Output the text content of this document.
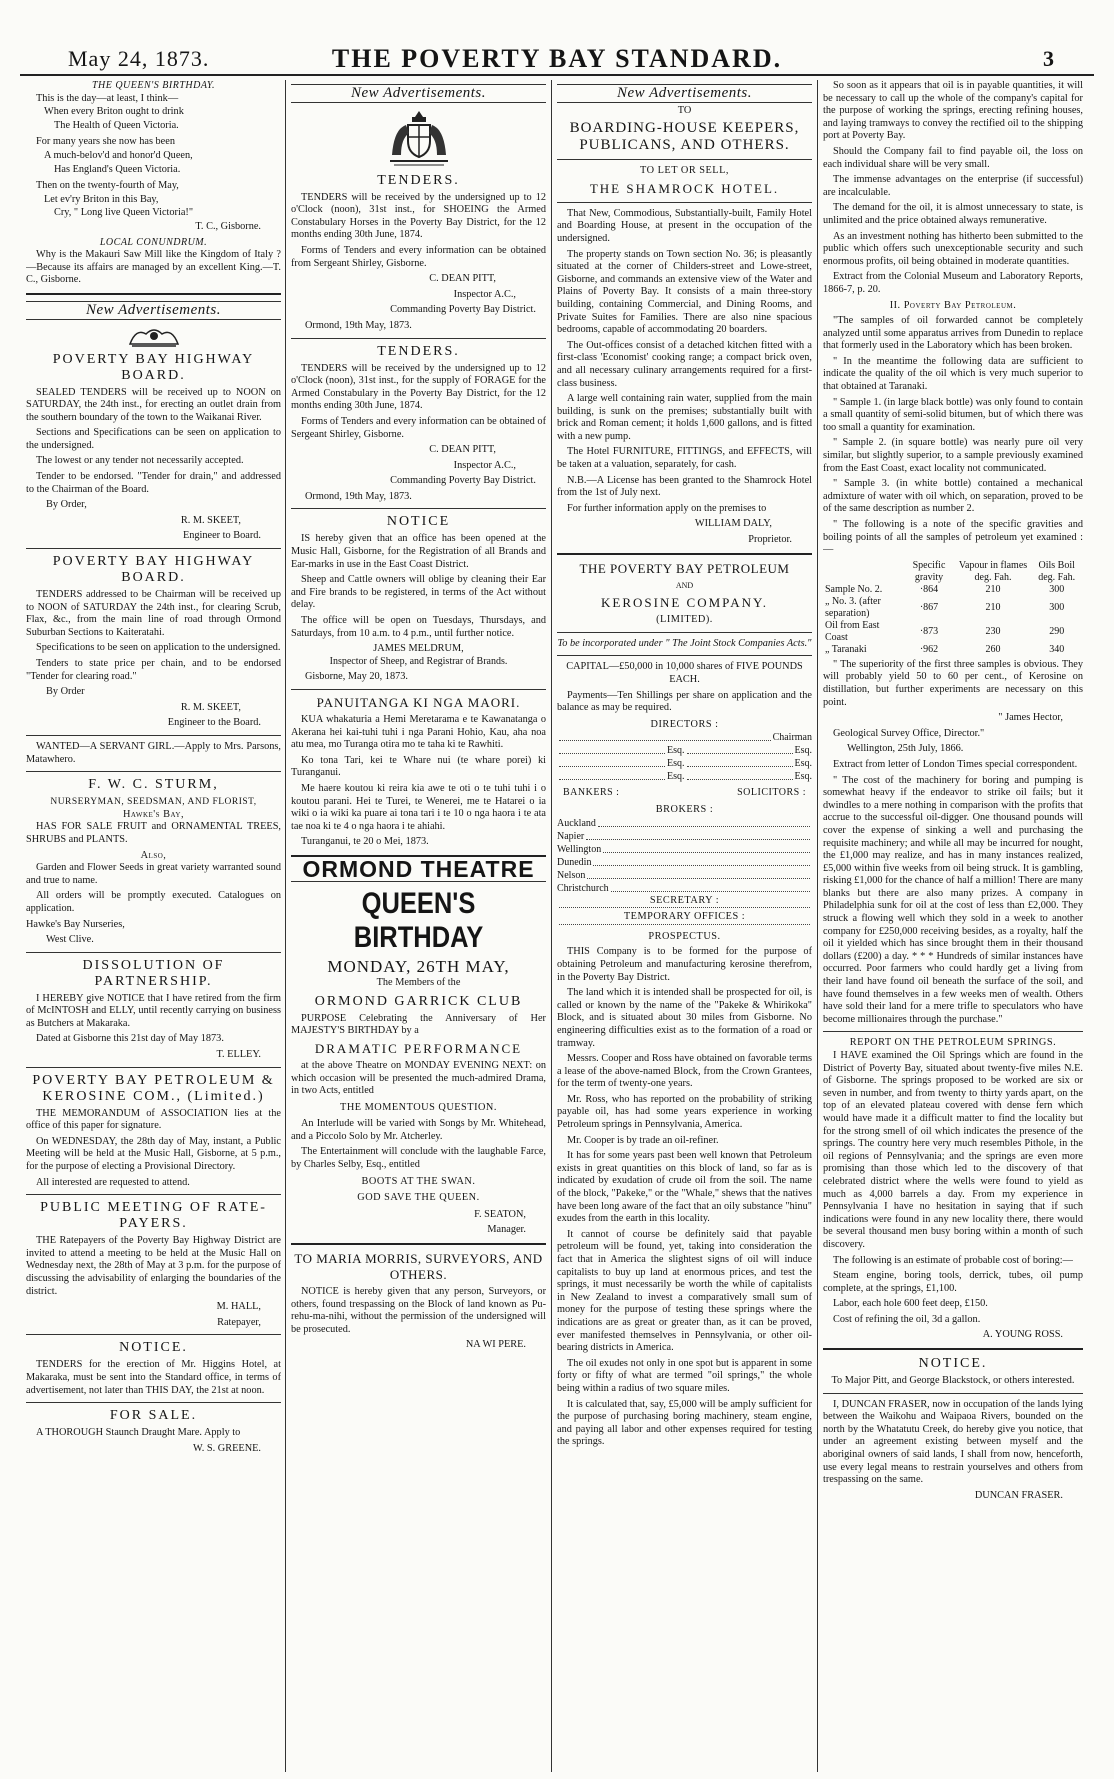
May 24, 1873.	THE POVERTY BAY STANDARD.	3
THE QUEEN'S BIRTHDAY.

This is the day—at least, I think—

When every Briton ought to drink

The Health of Queen Victoria.

For many years she now has been

A much-belov'd and honor'd Queen,

Has England's Queen Victoria.

Then on the twenty-fourth of May,

Let ev'ry Briton in this Bay,

Cry, " Long live Queen Victoria!"

T. C., Gisborne.
LOCAL CONUNDRUM.

Why is the Makauri Saw Mill like the Kingdom of Italy ?—Because its affairs are managed by an excellent King.—T. C., Gisborne.

New Advertisements.
POVERTY BAY HIGHWAY BOARD.

SEALED TENDERS will be received up to NOON on SATURDAY, the 24th inst., for erecting an outlet drain from the southern boundary of the town to the Waikanai River.

Sections and Specifications can be seen on application to the undersigned.

The lowest or any tender not necessarily accepted.

Tender to be endorsed. "Tender for drain," and addressed to the Chairman of the Board.

By Order,

R. M. SKEET,
Engineer to Board.
POVERTY BAY HIGHWAY BOARD.

TENDERS addressed to be Chairman will be received up to NOON of SATURDAY the 24th inst., for clearing Scrub, Flax, &c., from the main line of road through Ormond Suburban Sections to Kaiteratahi.

Specifications to be seen on application to the undersigned.

Tenders to state price per chain, and to be endorsed "Tender for clearing road."

By Order

R. M. SKEET,
Engineer to the Board.

WANTED—A SERVANT GIRL.—Apply to Mrs. Parsons, Matawhero.

F. W. C. STURM,
NURSERYMAN, SEEDSMAN, AND FLORIST,
Hawke's Bay,

HAS FOR SALE FRUIT and ORNAMENTAL TREES, SHRUBS and PLANTS.

Also,

Garden and Flower Seeds in great variety warranted sound and true to name.

All orders will be promptly executed. Catalogues on application.

Hawke's Bay Nurseries,

West Clive.

DISSOLUTION OF PARTNERSHIP.

I HEREBY give NOTICE that I have retired from the firm of McINTOSH and ELLY, until recently carrying on business as Butchers at Makaraka.

Dated at Gisborne this 21st day of May 1873.

T. ELLEY.
POVERTY BAY PETROLEUM & KEROSINE COM., (Limited.)

THE MEMORANDUM of ASSOCIATION lies at the office of this paper for signature.

On WEDNESDAY, the 28th day of May, instant, a Public Meeting will be held at the Music Hall, Gisborne, at 5 p.m., for the purpose of electing a Provisional Directory.

All interested are requested to attend.

PUBLIC MEETING OF RATE-PAYERS.

THE Ratepayers of the Poverty Bay Highway District are invited to attend a meeting to be held at the Music Hall on Wednesday next, the 28th of May at 3 p.m. for the purpose of discussing the advisability of enlarging the boundaries of the district.

M. HALL,
Ratepayer,
NOTICE.

TENDERS for the erection of Mr. Higgins Hotel, at Makaraka, must be sent into the Standard office, in terms of advertisement, not later than THIS DAY, the 21st at noon.

FOR SALE.

A THOROUGH Staunch Draught Mare. Apply to

W. S. GREENE.
New Advertisements.
TENDERS.

TENDERS will be received by the undersigned up to 12 o'Clock (noon), 31st inst., for SHOEING the Armed Constabulary Horses in the Poverty Bay District, for the 12 months ending 30th June, 1874.

Forms of Tenders and every information can be obtained from Sergeant Shirley, Gisborne.

C. DEAN PITT,
Inspector A.C.,
Commanding Poverty Bay District.

Ormond, 19th May, 1873.

TENDERS.

TENDERS will be received by the undersigned up to 12 o'Clock (noon), 31st inst., for the supply of FORAGE for the Armed Constabulary in the Poverty Bay District, for the 12 months ending 30th June, 1874.

Forms of Tenders and every information can be obtained of Sergeant Shirley, Gisborne.

C. DEAN PITT,
Inspector A.C.,
Commanding Poverty Bay District.

Ormond, 19th May, 1873.

NOTICE

IS hereby given that an office has been opened at the Music Hall, Gisborne, for the Registration of all Brands and Ear-marks in use in the East Coast District.

Sheep and Cattle owners will oblige by cleaning their Ear and Fire brands to be registered, in terms of the Act without delay.

The office will be open on Tuesdays, Thursdays, and Saturdays, from 10 a.m. to 4 p.m., until further notice.

JAMES MELDRUM,

Inspector of Sheep, and Registrar of Brands.

Gisborne, May 20, 1873.

PANUITANGA KI NGA MAORI.

KUA whakaturia a Hemi Meretarama e te Kawanatanga o Akerana hei kai-tuhi tuhi i nga Parani Hohio, Kau, aha noa atu mea, mo Turanga otira mo te taha ki te Rawhiti.

Ko tona Tari, kei te Whare nui (te whare porei) ki Turanganui.

Me haere koutou ki reira kia awe te oti o te tuhi tuhi i o koutou parani. Hei te Turei, te Wenerei, me te Hatarei o ia wiki o ia wiki ka puare ai tona tari i te 10 o nga haora i te ata tae noa ki te 4 o nga haora i te ahiahi.

Turanganui, te 20 o Mei, 1873.

ORMOND THEATRE
QUEEN'S BIRTHDAY
MONDAY, 26TH MAY,
The Members of the
ORMOND GARRICK CLUB

PURPOSE Celebrating the Anniversary of Her MAJESTY'S BIRTHDAY by a

DRAMATIC PERFORMANCE

at the above Theatre on MONDAY EVENING NEXT: on which occasion will be presented the much-admired Drama, in two Acts, entitled

THE MOMENTOUS QUESTION.

An Interlude will be varied with Songs by Mr. Whitehead, and a Piccolo Solo by Mr. Atcherley.

The Entertainment will conclude with the laughable Farce, by Charles Selby, Esq., entitled

BOOTS AT THE SWAN.
GOD SAVE THE QUEEN.
F. SEATON,
Manager.
TO MARIA MORRIS, SURVEYORS, AND OTHERS.

NOTICE is hereby given that any person, Surveyors, or others, found trespassing on the Block of land known as Pu-rehu-ma-nihi, without the permission of the undersigned will be prosecuted.

NA WI PERE.
New Advertisements.
TO
BOARDING-HOUSE KEEPERS, PUBLICANS, AND OTHERS.
TO LET OR SELL,
THE SHAMROCK HOTEL.

That New, Commodious, Substantially-built, Family Hotel and Boarding House, at present in the occupation of the undersigned.

The property stands on Town section No. 36; is pleasantly situated at the corner of Childers-street and Lowe-street, Gisborne, and commands an extensive view of the Water and Plains of Poverty Bay. It consists of a main three-story building, containing Commercial, and Dining Rooms, and Private Suites for Families. There are also nine spacious bedrooms, capable of accommodating 20 boarders.

The Out-offices consist of a detached kitchen fitted with a first-class 'Economist' cooking range; a compact brick oven, and all necessary culinary arrangements required for a first-class business.

A large well containing rain water, supplied from the main building, is sunk on the premises; substantially built with brick and Roman cement; it holds 1,600 gallons, and is fitted with a new pump.

The Hotel FURNITURE, FITTINGS, and EFFECTS, will be taken at a valuation, separately, for cash.

N.B.—A License has been granted to the Shamrock Hotel from the 1st of July next.

For further information apply on the premises to

WILLIAM DALY,
Proprietor.
THE POVERTY BAY PETROLEUM
AND
KEROSINE COMPANY.
(LIMITED).

To be incorporated under " The Joint Stock Companies Acts."

CAPITAL—£50,000 in 10,000 shares of FIVE POUNDS EACH.

Payments—Ten Shillings per share on application and the balance as may be required.

DIRECTORS :
Chairman
Esq.	Esq.
Esq.	Esq.
Esq.	Esq.
BANKERS :	SOLICITORS :
BROKERS :
Auckland
Napier
Wellington
Dunedin
Nelson
Christchurch
SECRETARY :
TEMPORARY OFFICES :
PROSPECTUS.

THIS Company is to be formed for the purpose of obtaining Petroleum and manufacturing kerosine therefrom, in the Poverty Bay District.

The land which it is intended shall be prospected for oil, is called or known by the name of the "Pakeke & Whirikoka" Block, and is situated about 30 miles from Gisborne. No engineering difficulties exist as to the formation of a road or tramway.

Messrs. Cooper and Ross have obtained on favorable terms a lease of the above-named Block, from the Crown Grantees, for the term of twenty-one years.

Mr. Ross, who has reported on the probability of striking payable oil, has had some years experience in working Petroleum springs in Pennsylvania, America.

Mr. Cooper is by trade an oil-refiner.

It has for some years past been well known that Petroleum exists in great quantities on this block of land, so far as is indicated by exudation of crude oil from the soil. The name of the block, "Pakeke," or the "Whale," shews that the natives have been long aware of the fact that an oily substance "hinu" exudes from the earth in this locality.

It cannot of course be definitely said that payable petroleum will be found, yet, taking into consideration the fact that in America the slightest signs of oil will induce capitalists to buy up land at enormous prices, and test the springs, it must necessarily be worth the while of capitalists in New Zealand to invest a comparatively small sum of money for the purpose of testing these springs where the indications are as great or greater than, as it can be proved, ever manifested themselves in Pennsylvania, or other oil-bearing districts in America.

The oil exudes not only in one spot but is apparent in some forty or fifty of what are termed "oil springs," the whole being within a radius of two square miles.

It is calculated that, say, £5,000 will be amply sufficient for the purpose of purchasing boring machinery, steam engine, and paying all labor and other expenses required for testing the springs.

So soon as it appears that oil is in payable quantities, it will be necessary to call up the whole of the company's capital for the purpose of working the springs, erecting refining houses, and laying tramways to convey the rectified oil to the shipping port at Poverty Bay.

Should the Company fail to find payable oil, the loss on each individual share will be very small.

The immense advantages on the enterprise (if successful) are incalculable.

The demand for the oil, it is almost unnecessary to state, is unlimited and the price obtained always remunerative.

As an investment nothing has hitherto been submitted to the public which offers such unexceptionable security and such enormous profits, oil being obtained in moderate quantities.

Extract from the Colonial Museum and Laboratory Reports, 1866-7, p. 20.

II. Poverty Bay Petroleum.

"The samples of oil forwarded cannot be completely analyzed until some apparatus arrives from Dunedin to replace that formerly used in the Laboratory which has been broken.

" In the meantime the following data are sufficient to indicate the quality of the oil which is very much superior to that obtained at Taranaki.

" Sample 1. (in large black bottle) was only found to contain a small quantity of semi-solid bitumen, but of which there was too small a quantity for examination.

" Sample 2. (in square bottle) was nearly pure oil very similar, but slightly superior, to a sample previously examined from the East Coast, exact locality not communicated.

" Sample 3. (in white bottle) contained a mechanical admixture of water with oil which, on separation, proved to be of the same description as number 2.

" The following is a note of the specific gravities and boiling points of all the samples of petroleum yet examined :—

	Specific gravity	Vapour in flames deg. Fah.	Oils Boil deg. Fah.
Sample No. 2.	·864	210	300
„ No. 3. (after separation)	·867	210	300
Oil from East Coast	·873	230	290
„ Taranaki	·962	260	340

" The superiority of the first three samples is obvious. They will probably yield 50 to 60 per cent., of Kerosine on distillation, but further experiments are necessary on this point.

" James Hector,

Geological Survey Office, Director."

Wellington, 25th July, 1866.

Extract from letter of London Times special correspondent.

" The cost of the machinery for boring and pumping is somewhat heavy if the endeavor to strike oil fails; but it dwindles to a mere nothing in comparison with the profits that accrue to the successful oil-digger. One thousand pounds will cover the expense of sinking a well and purchasing the requisite machinery; and while all may be incurred for nought, the £1,000 may realize, and has in many instances realized, £5,000 within five weeks from oil being struck. It is gambling, risking £1,000 for the chance of half a million! There are many blanks but there are also many prizes. A company in Philadelphia sunk for oil at the cost of less than £2,000. They struck a flowing well which they sold in a week to another company for £250,000 receiving besides, as a royalty, half the oil it yielded which has since brought them in their thousand dollars (£200) a day. * * * Hundreds of similar instances have occurred. Poor farmers who could hardly get a living from their land have found oil beneath the surface of the soil, and have found themselves in a few weeks men of wealth. Others have sold their land for a mere trifle to speculators who have become millionaires through the purchase."

REPORT ON THE PETROLEUM SPRINGS.

I HAVE examined the Oil Springs which are found in the District of Poverty Bay, situated about twenty-five miles N.E. of Gisborne. The springs proposed to be worked are six or seven in number, and from twenty to thirty yards apart, on the top of an elevated plateau covered with dense fern which would have made it a difficult matter to find the locality but for the strong smell of oil which indicates the presence of the springs. The country here very much resembles Pithole, in the oil regions of Pennsylvania; and the springs are even more promising than those which led to the discovery of that celebrated district where the wells were found to yield as much as 4,000 barrels a day. From my experience in Pennsylvania I have no hesitation in saying that if such indications were found in any new locality there, there would be several thousand men busy boring within a month of such discovery.

The following is an estimate of probable cost of boring:—

Steam engine, boring tools, derrick, tubes, oil pump complete, at the springs, £1,100.

Labor, each hole 600 feet deep, £150.

Cost of refining the oil, 3d a gallon.

A. YOUNG ROSS.
NOTICE.

To Major Pitt, and George Blackstock, or others interested.

I, DUNCAN FRASER, now in occupation of the lands lying between the Waikohu and Waipaoa Rivers, bounded on the north by the Whatatutu Creek, do hereby give you notice, that under an agreement existing between myself and the aboriginal owners of said lands, I shall from now, henceforth, use every legal means to restrain yourselves and others from trespassing on the same.

DUNCAN FRASER.
